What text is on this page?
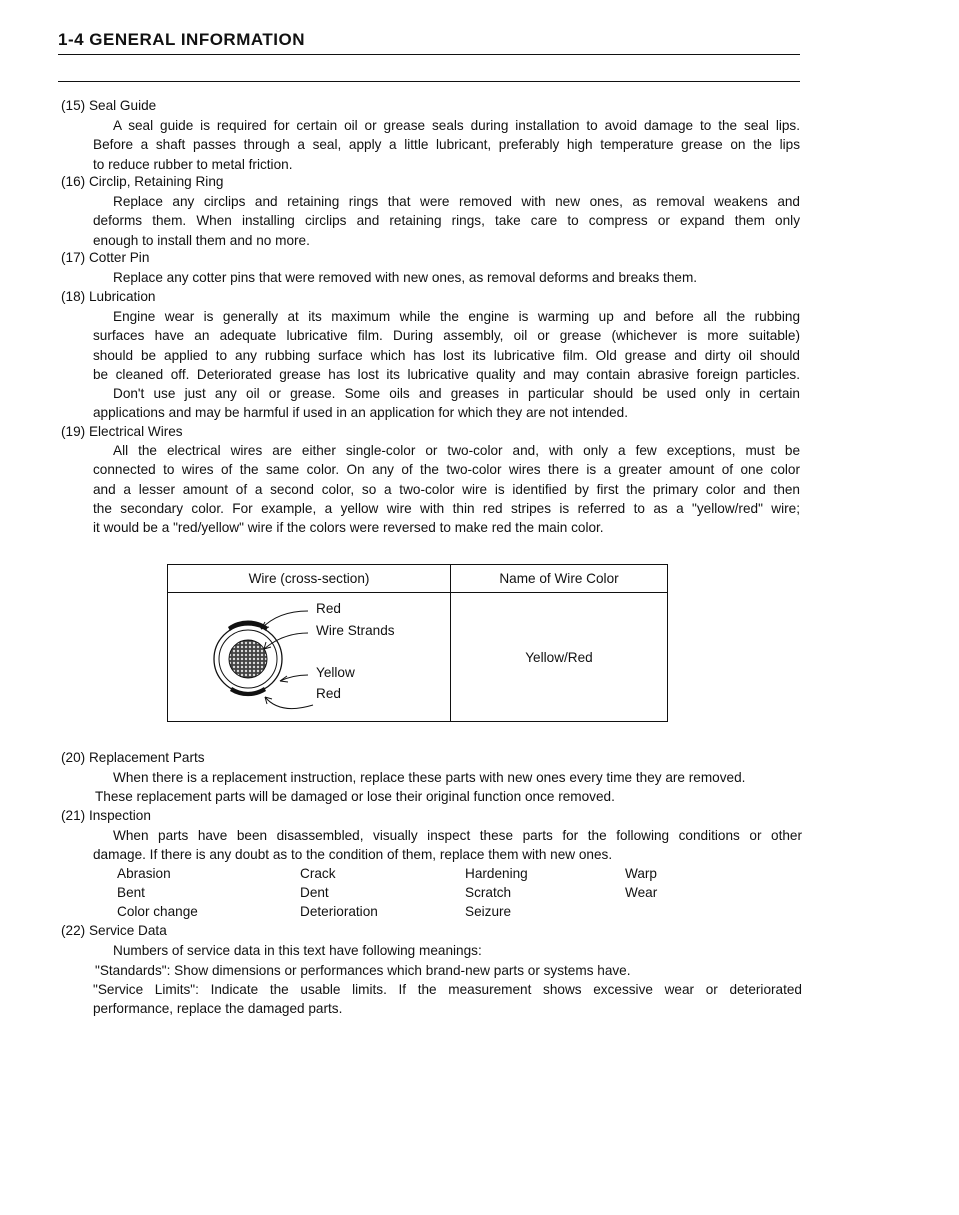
1-4 GENERAL INFORMATION
(15) Seal Guide
A seal guide is required for certain oil or grease seals during installation to avoid damage to the seal lips.
Before a shaft passes through a seal, apply a little lubricant, preferably high temperature grease on the lips
to reduce rubber to metal friction.
(16) Circlip, Retaining Ring
Replace any circlips and retaining rings that were removed with new ones, as removal weakens and
deforms them. When installing circlips and retaining rings, take care to compress or expand them only
enough to install them and no more.
(17) Cotter Pin
Replace any cotter pins that were removed with new ones, as removal deforms and breaks them.
(18) Lubrication
Engine wear is generally at its maximum while the engine is warming up and before all the rubbing
surfaces have an adequate lubricative film. During assembly, oil or grease (whichever is more suitable)
should be applied to any rubbing surface which has lost its lubricative film. Old grease and dirty oil should
be cleaned off. Deteriorated grease has lost its lubricative quality and may contain abrasive foreign particles.
Don't use just any oil or grease. Some oils and greases in particular should be used only in certain
applications and may be harmful if used in an application for which they are not intended.
(19) Electrical Wires
All the electrical wires are either single-color or two-color and, with only a few exceptions, must be
connected to wires of the same color. On any of the two-color wires there is a greater amount of one color
and a lesser amount of a second color, so a two-color wire is identified by first the primary color and then
the secondary color. For example, a yellow wire with thin red stripes is referred to as a "yellow/red" wire;
it would be a "red/yellow" wire if the colors were reversed to make red the main color.
Wire (cross-section)	Name of Wire Color

Red
Wire Strands
Yellow
Red	Yellow/Red
(20) Replacement Parts
When there is a replacement instruction, replace these parts with new ones every time they are removed.
These replacement parts will be damaged or lose their original function once removed.
(21) Inspection
When parts have been disassembled, visually inspect these parts for the following conditions or other
damage. If there is any doubt as to the condition of them, replace them with new ones.
Abrasion	Crack	Hardening	Warp
Bent	Dent	Scratch	Wear
Color change	Deterioration	Seizure
(22) Service Data
Numbers of service data in this text have following meanings:
"Standards": Show dimensions or performances which brand-new parts or systems have.
"Service Limits": Indicate the usable limits. If the measurement shows excessive wear or deteriorated
performance, replace the damaged parts.
